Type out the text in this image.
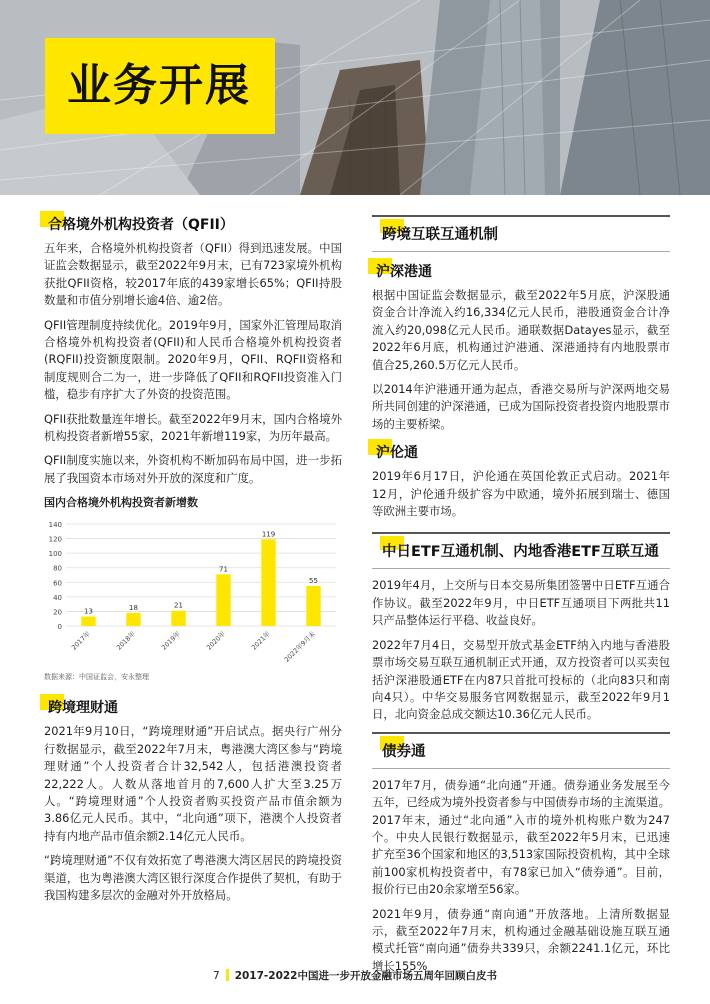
业务开展
合格境外机构投资者（QFII）

五年来，合格境外机构投资者（QFII）得到迅速发展。中国证监会数据显示，截至2022年9月末，已有723家境外机构获批QFII资格，较2017年底的439家增长65%；QFII持股数量和市值分别增长逾4倍、逾2倍。

QFII管理制度持续优化。2019年9月，国家外汇管理局取消合格境外机构投资者(QFII)和人民币合格境外机构投资者(RQFII)投资额度限制。2020年9月，QFII、RQFII资格和制度规则合二为一，进一步降低了QFII和RQFII投资准入门槛，稳步有序扩大了外资的投资范围。

QFII获批数量连年增长。截至2022年9月末，国内合格境外机构投资者新增55家，2021年新增119家，为历年最高。

QFII制度实施以来，外资机构不断加码布局中国，进一步拓展了我国资本市场对外开放的深度和广度。

国内合格境外机构投资者新增数
0
20
40
60
80
100
120
140
13
2017年
18
2018年
21
2019年
71
2020年
119
2021年
55
2022年9月末
数据来源：中国证监会，安永整理
跨境理财通

2021年9月10日，“跨境理财通”开启试点。据央行广州分行数据显示，截至2022年7月末，粤港澳大湾区参与“跨境理财通”个人投资者合计32,542人，包括港澳投资者22,222人。人数从落地首月的7,600人扩大至3.25万人。“跨境理财通”个人投资者购买投资产品市值余额为3.86亿元人民币。其中，“北向通”项下，港澳个人投资者持有内地产品市值余额2.14亿元人民币。

“跨境理财通”不仅有效拓宽了粤港澳大湾区居民的跨境投资渠道，也为粤港澳大湾区银行深度合作提供了契机，有助于我国构建多层次的金融对外开放格局。

跨境互联互通机制
沪深港通

根据中国证监会数据显示，截至2022年5月底，沪深股通资金合计净流入约16,334亿元人民币，港股通资金合计净流入约20,098亿元人民币。通联数据Datayes显示，截至2022年6月底，机构通过沪港通、深港通持有内地股票市值合25,260.5万亿元人民币。

以2014年沪港通开通为起点，香港交易所与沪深两地交易所共同创建的沪深港通，已成为国际投资者投资内地股票市场的主要桥梁。

沪伦通

2019年6月17日，沪伦通在英国伦敦正式启动。2021年12月，沪伦通升级扩容为中欧通，境外拓展到瑞士、德国等欧洲主要市场。

中日ETF互通机制、内地香港ETF互联互通

2019年4月，上交所与日本交易所集团签署中日ETF互通合作协议。截至2022年9月，中日ETF互通项目下两批共11只产品整体运行平稳、收益良好。

2022年7月4日，交易型开放式基金ETF纳入内地与香港股票市场交易互联互通机制正式开通，双方投资者可以买卖包括沪深港股通ETF在内87只首批可投标的（北向83只和南向4只）。中华交易服务官网数据显示，截至2022年9月1日，北向资金总成交额达10.36亿元人民币。

债券通

2017年7月，债券通“北向通”开通。债券通业务发展至今五年，已经成为境外投资者参与中国债券市场的主流渠道。2017年末，通过“北向通”入市的境外机构账户数为247个。中央人民银行数据显示，截至2022年5月末，已迅速扩充至36个国家和地区的3,513家国际投资机构，其中全球前100家机构投资者中，有78家已加入“债券通”。目前，报价行已由20余家增至56家。

2021年9月，债券通“南向通”开放落地。上清所数据显示，截至2022年7月末，机构通过金融基础设施互联互通模式托管“南向通”债券共339只，余额2241.1亿元，环比增长155%

7 2017-2022中国进一步开放金融市场五周年回顾白皮书
